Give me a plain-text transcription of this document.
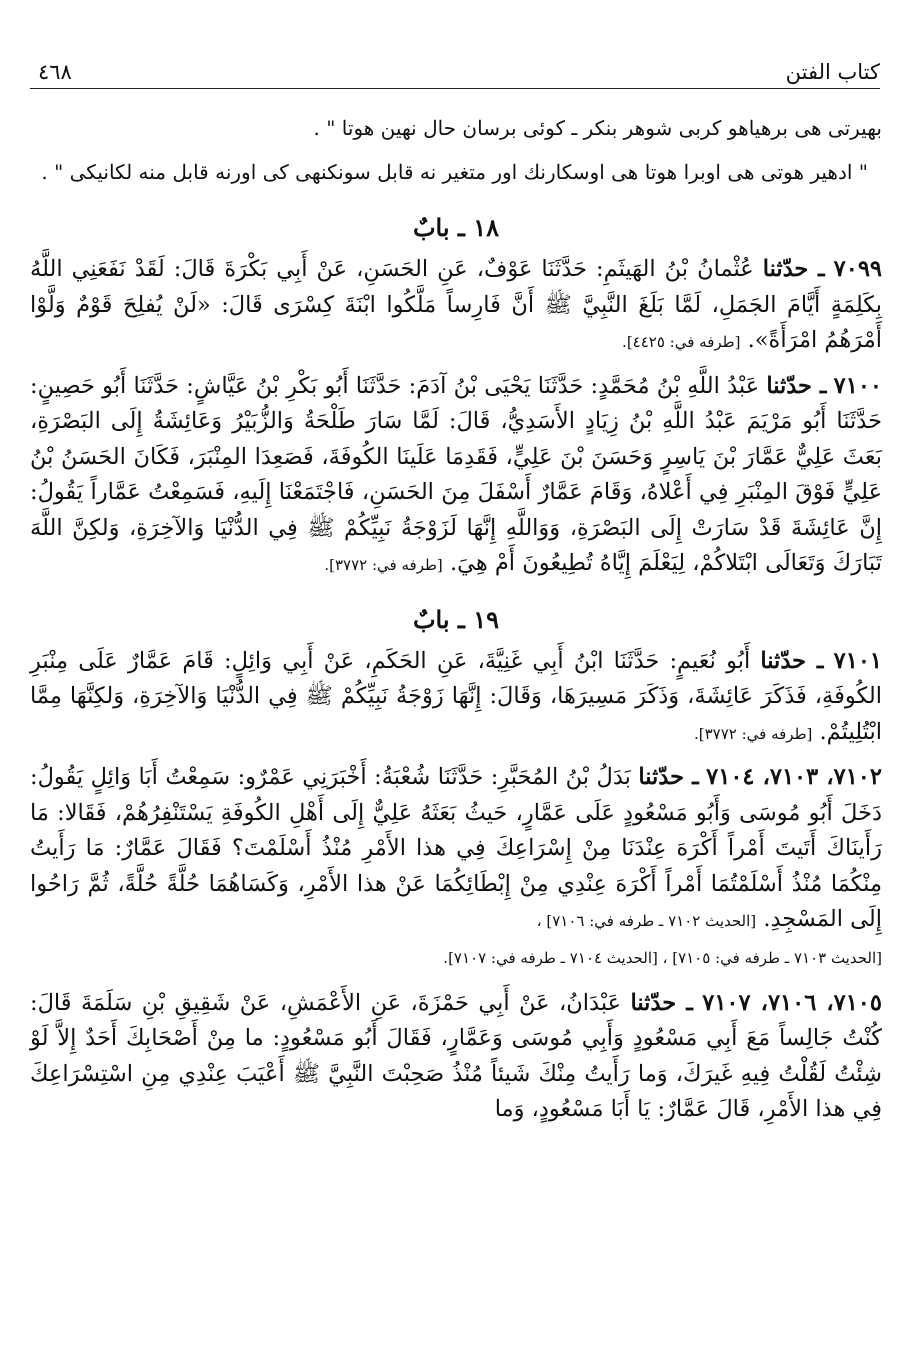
كتاب الفتن
٤٦٨

بهيرتى هى برهياهو كربى شوهر بنكر ـ كوئى برسان حال نهين هوتا " .

" ادهير هوتى هى اوبرا هوتا هى اوسكارنك اور متغير نه قابل سونكنهى كى اورنه قابل منه لكانيكى " .

١٨ ـ بابٌ

٧٠٩٩ ـ حدّثنا عُثْمانُ بْنُ الهَيثَمِ: حَدَّثَنَا عَوْفٌ، عَنِ الحَسَنِ، عَنْ أَبِي بَكْرَةَ قَالَ: لَقَدْ نَفَعَنِي اللَّهُ بِكَلِمَةٍ أَيَّامَ الجَمَلِ، لَمَّا بَلَغَ النَّبِيَّ ﷺ أَنَّ فَارِساً مَلَّكُوا ابْنَةَ كِسْرَى قَالَ: «لَنْ يُفلِحَ قَوْمٌ وَلَّوْا أَمْرَهُمُ امْرَأَةً». [طرفه في: ٤٤٢٥].

٧١٠٠ ـ حدّثنا عَبْدُ اللَّهِ بْنُ مُحَمَّدٍ: حَدَّثَنَا يَحْيَى بْنُ آدَمَ: حَدَّثَنَا أَبُو بَكْرِ بْنُ عَيَّاشٍ: حَدَّثَنَا أَبُو حَصِينٍ: حَدَّثَنَا أَبُو مَرْيَمَ عَبْدُ اللَّهِ بْنُ زِيَادٍ الأَسَدِيُّ، قَالَ: لَمَّا سَارَ طَلْحَةُ وَالزُّبَيْرُ وَعَائِشَةُ إِلَى البَصْرَةِ، بَعَثَ عَلِيٌّ عَمَّارَ بْنَ يَاسِرٍ وَحَسَنَ بْنَ عَلِيٍّ، فَقَدِمَا عَلَينَا الكُوفَةَ، فَصَعِدَا المِنْبَرَ، فَكَانَ الحَسَنُ بْنُ عَلِيٍّ فَوْقَ المِنْبَرِ فِي أَعْلاهُ، وَقَامَ عَمَّارٌ أَسْفَلَ مِنَ الحَسَنِ، فَاجْتَمَعْنَا إِلَيهِ، فَسَمِعْتُ عَمَّاراً يَقُولُ: إِنَّ عَائِشَةَ قَدْ سَارَتْ إِلَى البَصْرَةِ، وَوَاللَّهِ إِنَّهَا لَزَوْجَةُ نَبِيِّكُمْ ﷺ فِي الدُّنْيَا وَالآخِرَةِ، وَلكِنَّ اللَّهَ تَبَارَكَ وَتَعَالَى ابْتَلاكُمْ، لِيَعْلَمَ إِيَّاهُ تُطِيعُونَ أَمْ هِيَ. [طرفه في: ٣٧٧٢].

١٩ ـ بابٌ

٧١٠١ ـ حدّثنا أَبُو نُعَيمٍ: حَدَّثَنَا ابْنُ أَبِي غَنِيَّةَ، عَنِ الحَكَمِ، عَنْ أَبِي وَائِلٍ: قَامَ عَمَّارٌ عَلَى مِنْبَرِ الكُوفَةِ، فَذَكَرَ عَائِشَةَ، وَذَكَرَ مَسِيرَهَا، وَقَالَ: إِنَّهَا زَوْجَةُ نَبِيِّكُمْ ﷺ فِي الدُّنْيَا وَالآخِرَةِ، وَلكِنَّهَا مِمَّا ابْتُلِيتُمْ. [طرفه في: ٣٧٧٢].

٧١٠٢، ٧١٠٣، ٧١٠٤ ـ حدّثنا بَدَلُ بْنُ المُحَبَّرِ: حَدَّثَنَا شُعْبَةُ: أَخْبَرَنِي عَمْرٌو: سَمِعْتُ أَبَا وَائِلٍ يَقُولُ: دَخَلَ أَبُو مُوسَى وَأَبُو مَسْعُودٍ عَلَى عَمَّارٍ، حَيثُ بَعَثَهُ عَلِيٌّ إِلَى أَهْلِ الكُوفَةِ يَسْتَنْفِرُهُمْ، فَقَالا: مَا رَأَينَاكَ أَتَيتَ أَمْراً أَكْرَهَ عِنْدَنَا مِنْ إِسْرَاعِكَ فِي هذا الأَمْرِ مُنْذُ أَسْلَمْتَ؟ فَقَالَ عَمَّارٌ: مَا رَأَيتُ مِنْكُمَا مُنْذُ أَسْلَمْتُمَا أَمْراً أَكْرَهَ عِنْدِي مِنْ إِبْطَائِكُمَا عَنْ هذا الأَمْرِ، وَكَسَاهُمَا حُلَّةً حُلَّةً، ثُمَّ رَاحُوا إِلَى المَسْجِدِ. [الحديث ٧١٠٢ ـ طرفه في: ٧١٠٦] ،

[الحديث ٧١٠٣ ـ طرفه في: ٧١٠٥] ، [الحديث ٧١٠٤ ـ طرفه في: ٧١٠٧].

٧١٠٥، ٧١٠٦، ٧١٠٧ ـ حدّثنا عَبْدَانُ، عَنْ أَبِي حَمْزَةَ، عَنِ الأَعْمَشِ، عَنْ شَقِيقِ بْنِ سَلَمَةَ قَالَ: كُنْتُ جَالِساً مَعَ أَبِي مَسْعُودٍ وَأَبِي مُوسَى وَعَمَّارٍ، فَقَالَ أَبُو مَسْعُودٍ: ما مِنْ أَصْحَابِكَ أَحَدٌ إِلاَّ لَوْ شِئْتُ لَقُلْتُ فِيهِ غَيرَكَ، وَما رَأَيتُ مِنْكَ شَيئاً مُنْذُ صَحِبْتَ النَّبِيَّ ﷺ أَعْيَبَ عِنْدِي مِنِ اسْتِسْرَاعِكَ فِي هذا الأَمْرِ، قَالَ عَمَّارٌ: يَا أَبَا مَسْعُودٍ، وَما
